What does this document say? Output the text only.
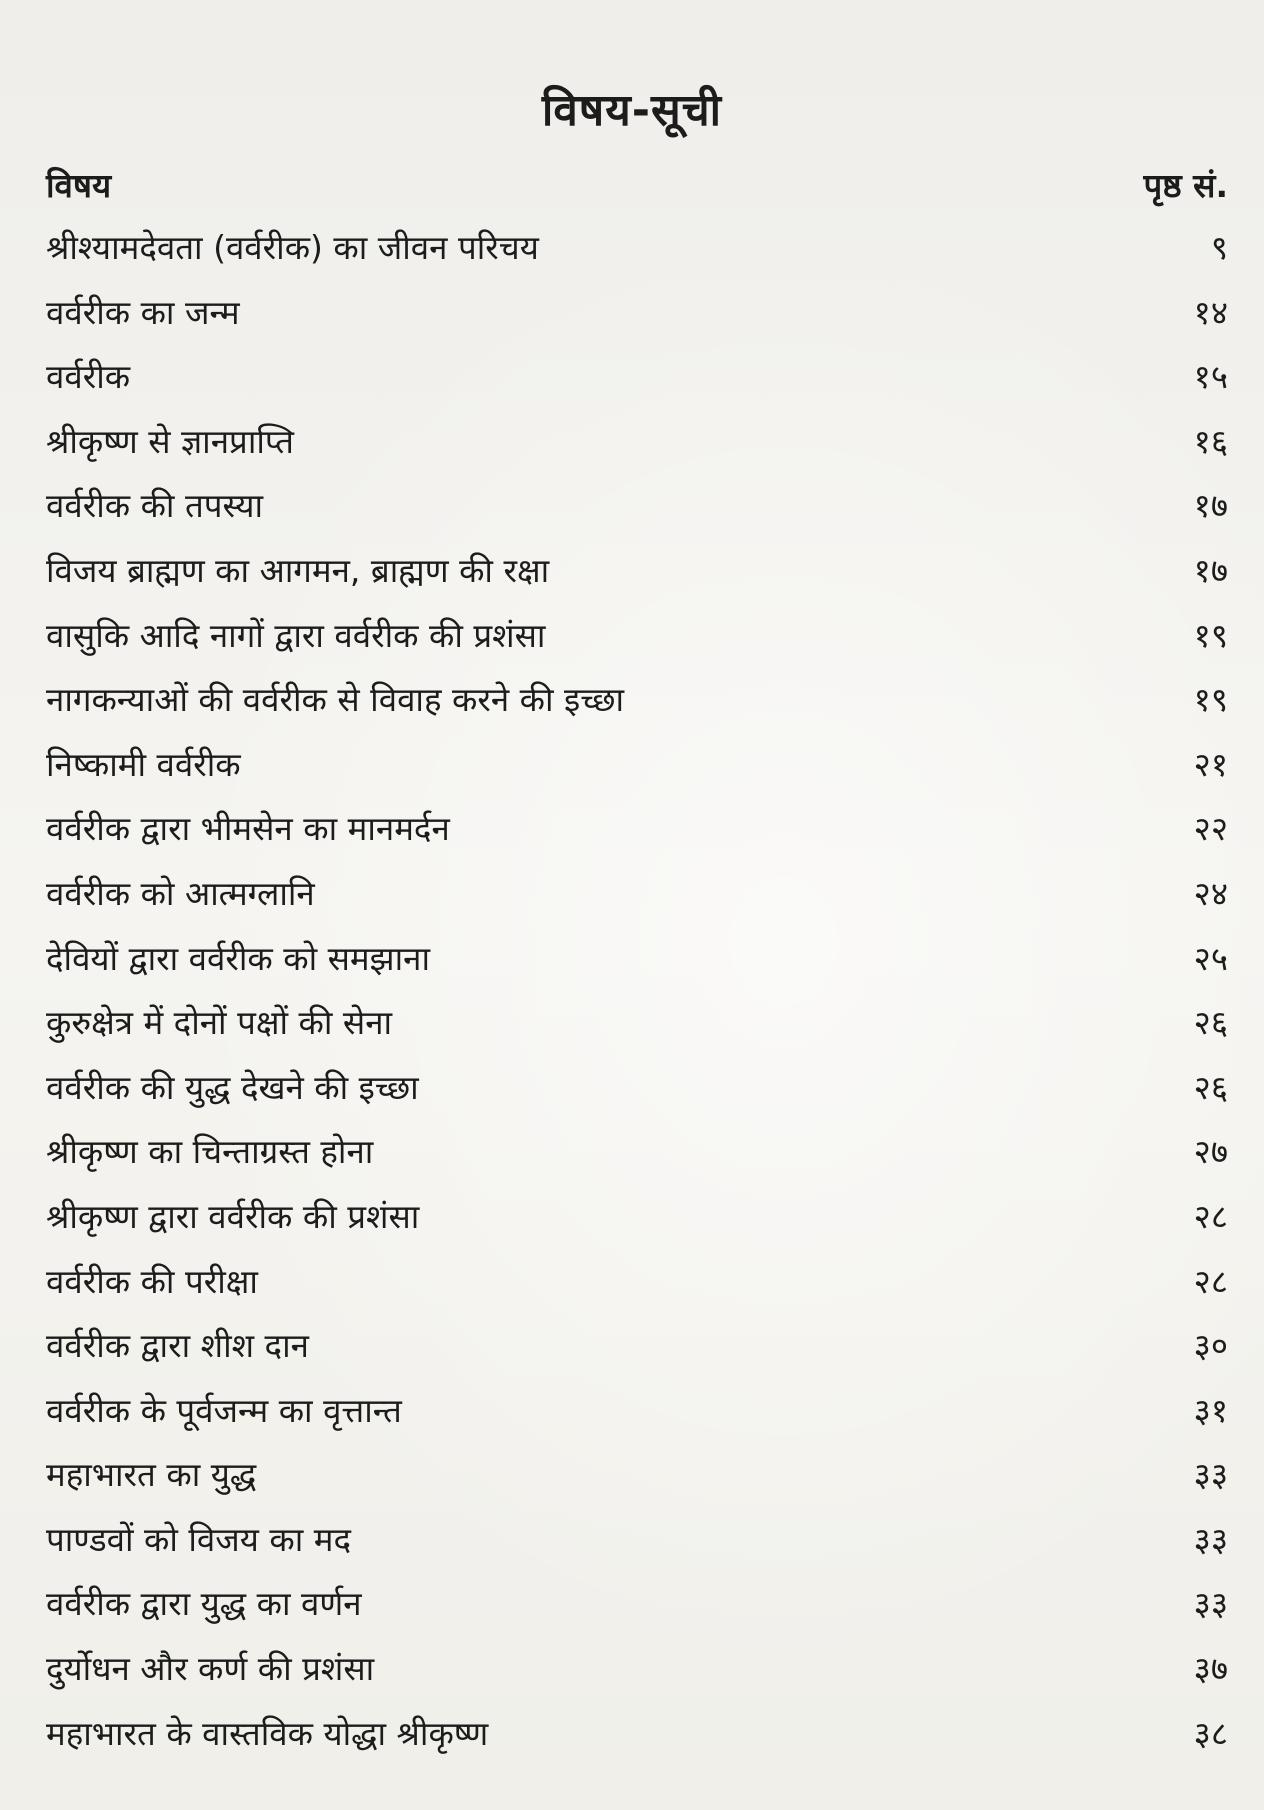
विषय-सूची
विषय	पृष्ठ सं.
श्रीश्यामदेवता (वर्वरीक) का जीवन परिचय	९
वर्वरीक का जन्म	१४
वर्वरीक	१५
श्रीकृष्ण से ज्ञानप्राप्ति	१६
वर्वरीक की तपस्या	१७
विजय ब्राह्मण का आगमन, ब्राह्मण की रक्षा	१७
वासुकि आदि नागों द्वारा वर्वरीक की प्रशंसा	१९
नागकन्याओं की वर्वरीक से विवाह करने की इच्छा	१९
निष्कामी वर्वरीक	२१
वर्वरीक द्वारा भीमसेन का मानमर्दन	२२
वर्वरीक को आत्मग्लानि	२४
देवियों द्वारा वर्वरीक को समझाना	२५
कुरुक्षेत्र में दोनों पक्षों की सेना	२६
वर्वरीक की युद्ध देखने की इच्छा	२६
श्रीकृष्ण का चिन्ताग्रस्त होना	२७
श्रीकृष्ण द्वारा वर्वरीक की प्रशंसा	२८
वर्वरीक की परीक्षा	२८
वर्वरीक द्वारा शीश दान	३०
वर्वरीक के पूर्वजन्म का वृत्तान्त	३१
महाभारत का युद्ध	३३
पाण्डवों को विजय का मद	३३
वर्वरीक द्वारा युद्ध का वर्णन	३३
दुर्योधन और कर्ण की प्रशंसा	३७
महाभारत के वास्तविक योद्धा श्रीकृष्ण	३८
